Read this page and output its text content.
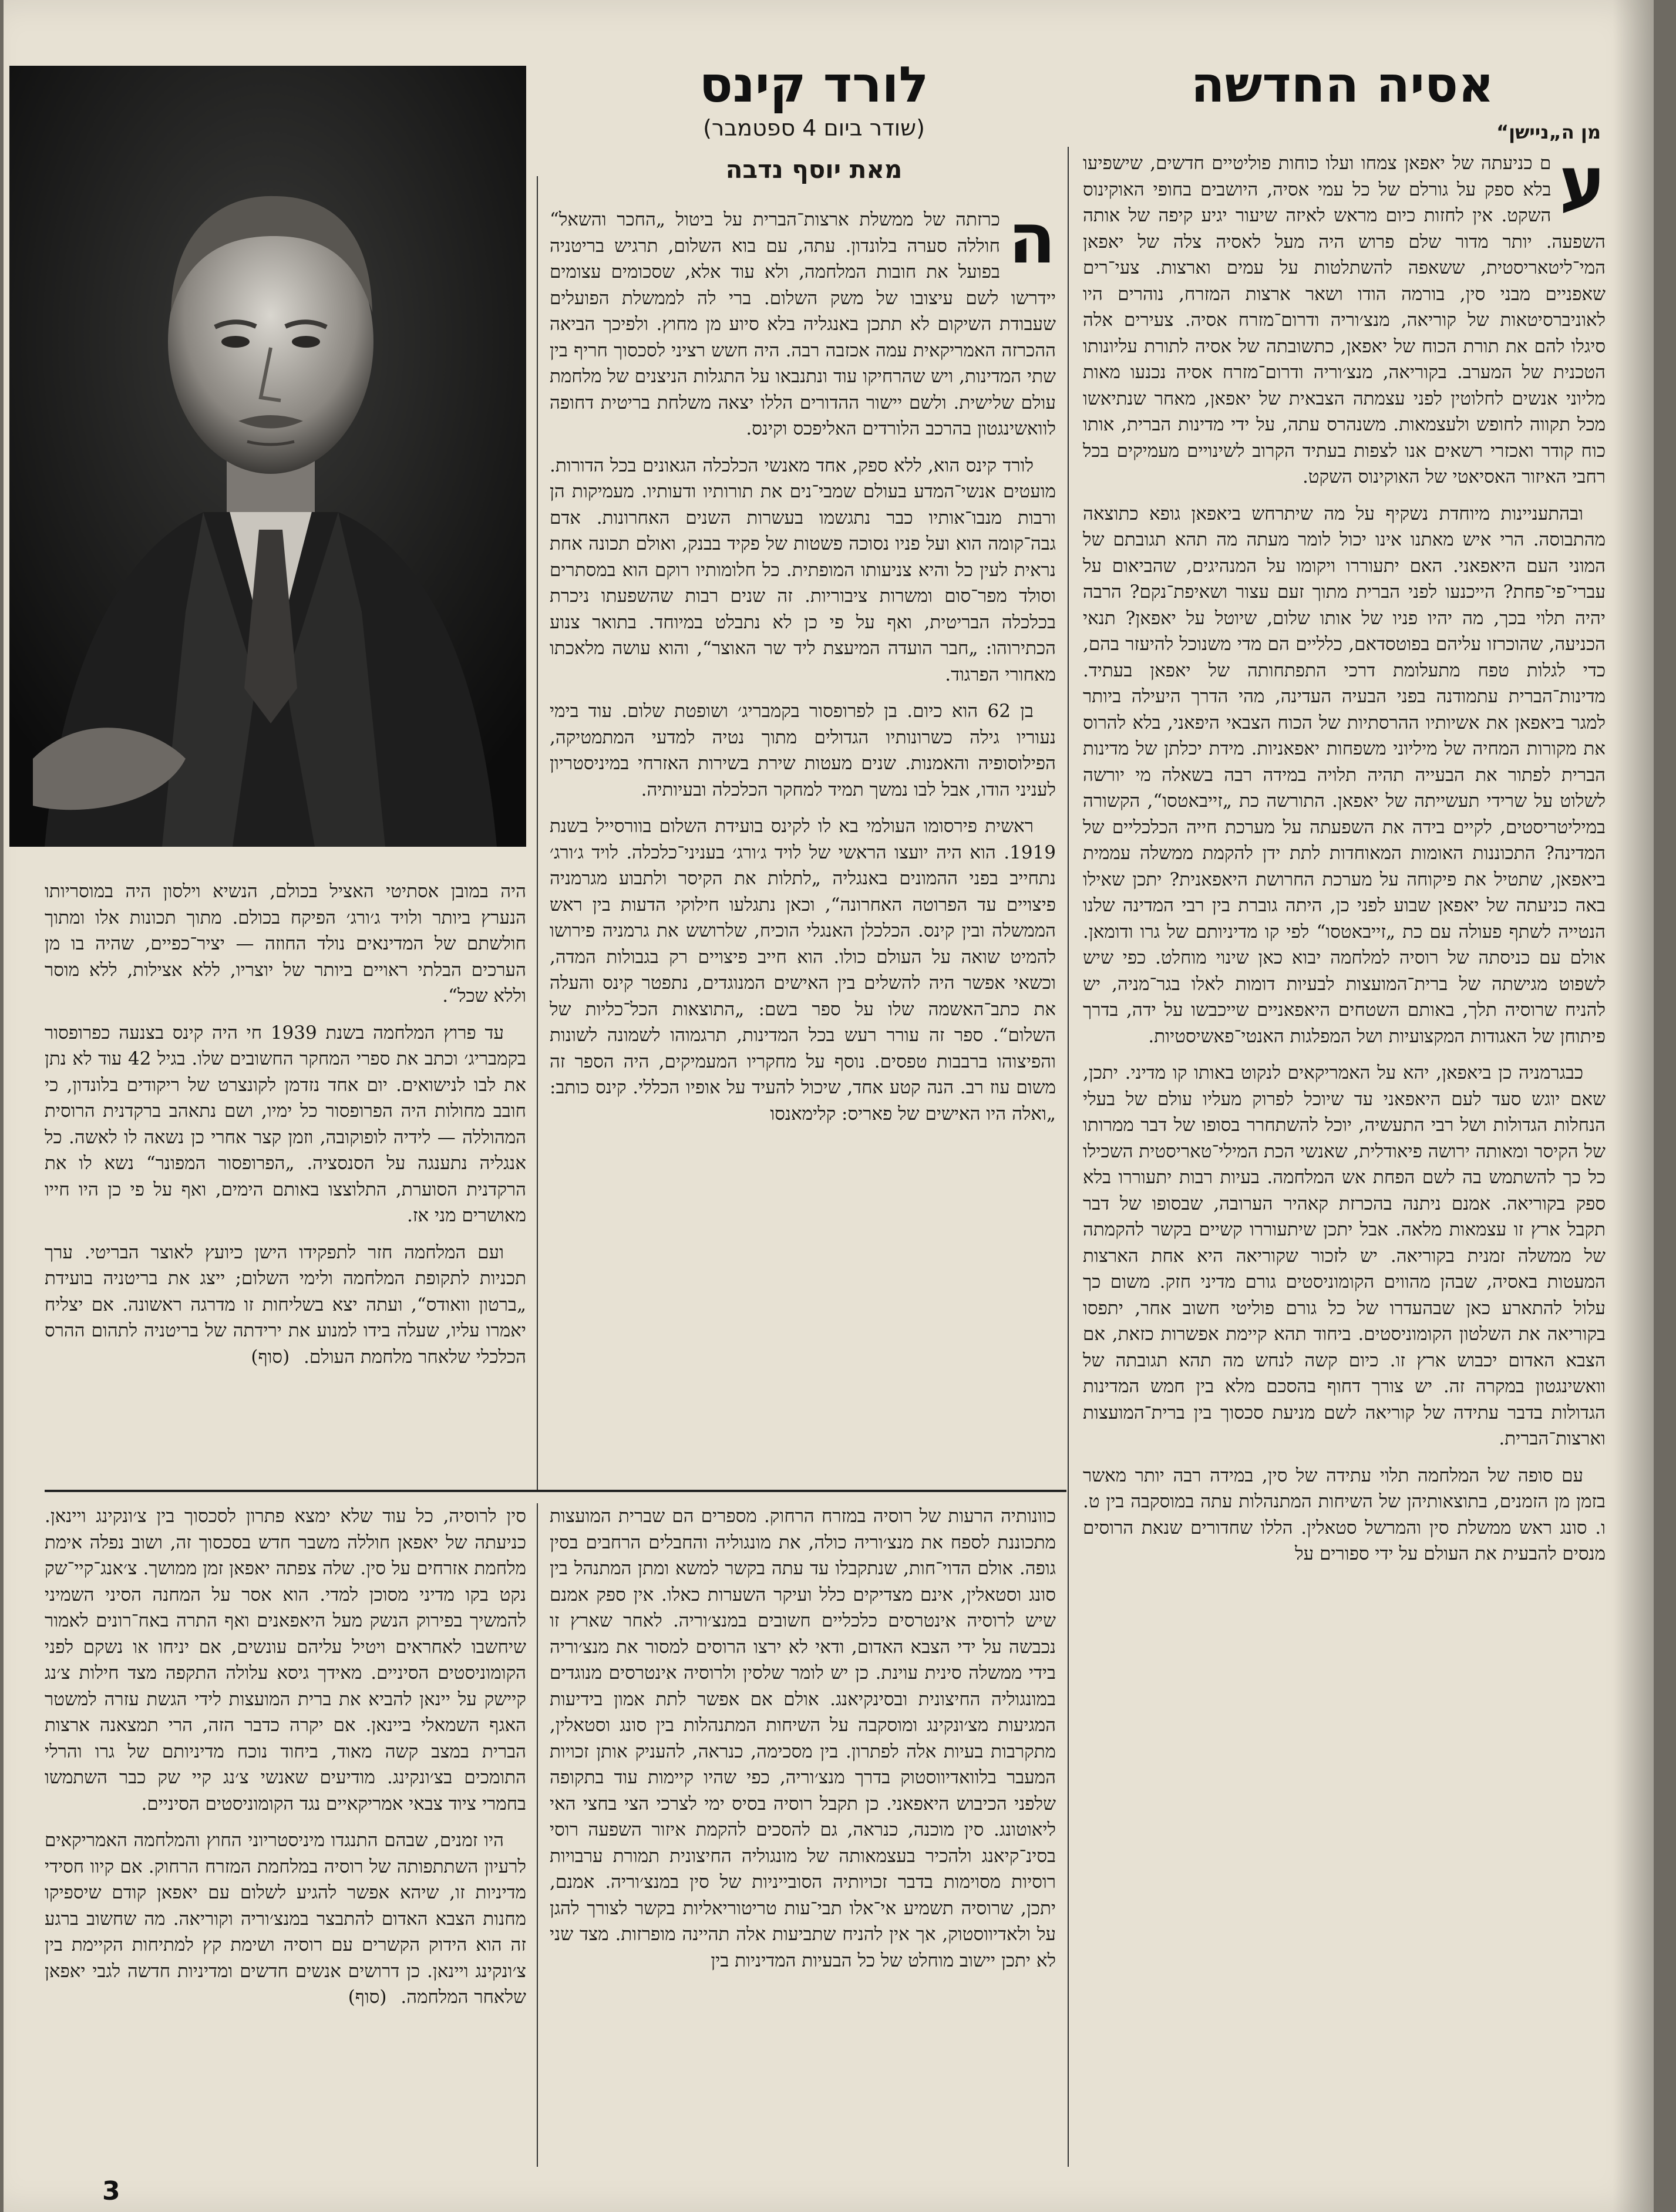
אסיה החדשה
מן ה„ניישן“
לורד קינס
(שודר ביום 4 ספטמבר)
מאת יוסף נדבה	ע
ם כניעתה של יאפאן צמחו ועלו כוחות פוליטיים חדשים, שישפיעו בלא ספק על גורלם של כל עמי אסיה, היושבים בחופי האוקינוס השקט. אין לחזות כיום מראש לאיזה שיעור יגיע קיפה של אותה השפעה. יותר מדור שלם פרוש היה מעל לאסיה צלה של יאפאן המי־ליטאריסטית, ששאפה להשתלטות על עמים וארצות. צעי־רים שאפניים מבני סין, בורמה הודו ושאר ארצות המזרח, נוהרים היו לאוניברסיטאות של קוריאה, מנצ׳וריה ודרום־מזרח אסיה. צעירים אלה סיגלו להם את תורת הכוח של יאפאן, כתשובתה של אסיה לתורת עליונותו הטכנית של המערב. בקוריאה, מנצ׳וריה ודרום־מזרח אסיה נכנעו מאות מליוני אנשים לחלוטין לפני עצמתה הצבאית של יאפאן, מאחר שנתיאשו מכל תקווה לחופש ולעצמאות. משנהרס עתה, על ידי מדינות הברית, אותו כוח קודר ואכזרי רשאים אנו לצפות בעתיד הקרוב לשינויים מעמיקים בכל רחבי האיזור האסיאטי של האוקינוס השקט.

ובהתעניינות מיוחדת נשקיף על מה שיתרחש ביאפאן גופא כתוצאה מהתבוסה. הרי איש מאתנו אינו יכול לומר מעתה מה תהא תגובתם של המוני העם היאפאני. האם יתעוררו ויקומו על המנהיגים, שהביאום על עברי־פי־פחת? הייכנעו לפני הברית מתוך זעם עצור ושאיפת־נקם? הרבה יהיה תלוי בכך, מה יהיו פניו של אותו שלום, שיוטל על יאפאן? תנאי הכניעה, שהוכרזו עליהם בפוטסדאם, כלליים הם מדי משנוכל להיעזר בהם, כדי לגלות טפח מתעלומת דרכי התפתחותה של יאפאן בעתיד. מדינות־הברית עתמודנה בפני הבעיה העדינה, מהי הדרך היעילה ביותר למגר ביאפאן את אשיותיו ההרסתיות של הכוח הצבאי היפאני, בלא להרוס את מקורות המחיה של מיליוני משפחות יאפאניות. מידת יכלתן של מדינות הברית לפתור את הבעייה תהיה תלויה במידה רבה בשאלה מי יורשה לשלוט על שרידי תעשייתה של יאפאן. התורשה כת „זייבאטסו“, הקשורה במיליטריסטים, לקיים בידה את השפעתה על מערכת חייה הכלכליים של המדינה? התכוננות האומות המאוחדות לתת ידן להקמת ממשלה עממית ביאפאן, שתטיל את פיקוחה על מערכת החרושת היאפאנית? יתכן שאילו באה כניעתה של יאפאן שבוע לפני כן, היתה גוברת בין רבי המדינה שלנו הנטייה לשתף פעולה עם כת „זייבאטסו“ לפי קו מדיניותם של גרו ודומאן. אולם עם כניסתה של רוסיה למלחמה יבוא כאן שינוי מוחלט. כפי שיש לשפוט מגישתה של ברית־המועצות לבעיות דומות לאלו בגר־מניה, יש להניח שרוסיה תלך, באותם השטחים היאפאניים שייכבשו על ידה, בדרך פיתוחן של האגודות המקצועיות ושל המפלגות האנטי־פאשיסטיות.

כבגרמניה כן ביאפאן, יהא על האמריקאים לנקוט באותו קו מדיני. יתכן, שאם יוגש סעד לעם היאפאני עד שיוכל לפרוק מעליו עולם של בעלי הנחלות הגדולות ושל רבי התעשיה, יוכל להשתחרר בסופו של דבר ממרותו של הקיסר ומאותה ירושה פיאודלית, שאנשי הכת המילי־טאריסטית השכילו כל כך להשתמש בה לשם הפחת אש המלחמה. בעיות רבות יתעוררו בלא ספק בקוריאה. אמנם ניתנה בהכרזת קאהיר הערובה, שבסופו של דבר תקבל ארץ זו עצמאות מלאה. אבל יתכן שיתעוררו קשיים בקשר להקמתה של ממשלה זמנית בקוריאה. יש לזכור שקוריאה היא אחת הארצות המעטות באסיה, שבהן מהווים הקומוניסטים גורם מדיני חזק. משום כך עלול להתארע כאן שבהעדרו של כל גורם פוליטי חשוב אחר, יתפסו בקוריאה את השלטון הקומוניסטים. ביחוד תהא קיימת אפשרות כזאת, אם הצבא האדום יכבוש ארץ זו. כיום קשה לנחש מה תהא תגובתה של וואשינגטון במקרה זה. יש צורך דחוף בהסכם מלא בין חמש המדינות הגדולות בדבר עתידה של קוריאה לשם מניעת סכסוך בין ברית־המועצות וארצות־הברית.

עם סופה של המלחמה תלוי עתידה של סין, במידה רבה יותר מאשר בזמן מן הזמנים, בתוצאותיהן של השיחות המתנהלות עתה במוסקבה בין ט. ו. סונג ראש ממשלת סין והמרשל סטאלין. הללו שחדורים שנאת הרוסים מנסים להבעית את העולם על ידי ספורים על

ה
כרזתה של ממשלת ארצות־הברית על ביטול „החכר והשאל“ חוללה סערה בלונדון. עתה, עם בוא השלום, תרגיש בריטניה בפועל את חובות המלחמה, ולא עוד אלא, שסכומים עצומים יידרשו לשם עיצובו של משק השלום. ברי לה לממשלת הפועלים שעבודת השיקום לא תתכן באנגליה בלא סיוע מן מחוץ. ולפיכך הביאה ההכרזה האמריקאית עמה אכזבה רבה. היה חשש רציני לסכסוך חריף בין שתי המדינות, ויש שהרחיקו עוד ונתנבאו על התגלות הניצנים של מלחמת עולם שלישית. ולשם יישור ההדורים הללו יצאה משלחת בריטית דחופה לוואשינגטון בהרכב הלורדים האליפכס וקינס.

לורד קינס הוא, ללא ספק, אחד מאנשי הכלכלה הגאונים בכל הדורות. מועטים אנשי־המדע בעולם שמבי־נים את תורותיו ודעותיו. מעמיקות הן ורבות מנבו־אותיו כבר נתגשמו בעשרות השנים האחרונות. אדם גבה־קומה הוא ועל פניו נסוכה פשטות של פקיד בבנק, ואולם תכונה אחת נראית לעין כל והיא צניעותו המופתית. כל חלומותיו רוקם הוא במסתרים וסולד מפר־סום ומשרות ציבוריות. זה שנים רבות שהשפעתו ניכרת בכלכלה הבריטית, ואף על פי כן לא נתבלט במיוחד. בתואר צנוע הכתירוהו: „חבר הועדה המיעצת ליד שר האוצר“, והוא עושה מלאכתו מאחורי הפרגוד.

בן 62 הוא כיום. בן לפרופסור בקמבריג׳ ושופטת שלום. עוד בימי נעוריו גילה כשרונותיו הגדולים מתוך נטיה למדעי המתמטיקה, הפילוסופיה והאמנות. שנים מעטות שירת בשירות האזרחי במיניסטריון לעניני הודו, אבל לבו נמשך תמיד למחקר הכלכלה ובעיותיה.

ראשית פירסומו העולמי בא לו לקינס בועידת השלום בוורסייל בשנת 1919. הוא היה יועצו הראשי של לויד ג׳ורג׳ בעניני־כלכלה. לויד ג׳ורג׳ נתחייב בפני ההמונים באנגליה „לתלות את הקיסר ולתבוע מגרמניה פיצויים עד הפרוטה האחרונה“, וכאן נתגלעו חילוקי הדעות בין ראש הממשלה ובין קינס. הכלכלן האנגלי הוכיח, שלרושש את גרמניה פירושו להמיט שואה על העולם כולו. הוא חייב פיצויים רק בגבולות המדה, וכשאי אפשר היה להשלים בין האישים המנוגדים, נתפטר קינס והעלה את כתב־האשמה שלו על ספר בשם: „התוצאות הכל־כליות של השלום“. ספר זה עורר רעש בכל המדינות, תרגמוהו לשמונה לשונות והפיצוהו ברבבות טפסים. נוסף על מחקריו המעמיקים, היה הספר זה משום עוז רב. הנה קטע אחד, שיכול להעיד על אופיו הכללי. קינס כותב: „ואלה היו האישים של פאריס: קלימאנסו

היה במובן אסתיטי האציל בכולם, הנשיא וילסון היה במוסריותו הנערץ ביותר ולויד ג׳ורג׳ הפיקח בכולם. מתוך תכונות אלו ומתוך חולשתם של המדינאים נולד החוזה — יציר־כפיים, שהיה בו מן הערכים הבלתי ראויים ביותר של יוצריו, ללא אצילות, ללא מוסר וללא שכל“.

עד פרוץ המלחמה בשנת 1939 חי היה קינס בצנעה כפרופסור בקמבריג׳ וכתב את ספרי המחקר החשובים שלו. בגיל 42 עוד לא נתן את לבו לנישואים. יום אחד נזדמן לקונצרט של ריקודים בלונדון, כי חובב מחולות היה הפרופסור כל ימיו, ושם נתאהב ברקדנית הרוסית המהוללה — לידיה לופוקובה, וזמן קצר אחרי כן נשאה לו לאשה. כל אנגליה נתענגה על הסנסציה. „הפרופסור המפונר“ נשא לו את הרקדנית הסוערת, התלוצצו באותם הימים, ואף על פי כן היו חייו מאושרים מני אז.

ועם המלחמה חזר לתפקידו הישן כיועץ לאוצר הבריטי. ערך תכניות לתקופת המלחמה ולימי השלום; ייצג את בריטניה בועידת „ברטון וואודס“, ועתה יצא בשליחות זו מדרגה ראשונה. אם יצליח יאמרו עליו, שעלה בידו למנוע את ירידתה של בריטניה לתהום ההרס הכלכלי שלאחר מלחמת העולם. (סוף)

כוונותיה הרעות של רוסיה במזרח הרחוק. מספרים הם שברית המועצות מתכוננת לספח את מנצ׳וריה כולה, את מונגוליה והחבלים הרחבים בסין גופה. אולם הדוי־חות, שנתקבלו עד עתה בקשר למשא ומתן המתנהל בין סונג וסטאלין, אינם מצדיקים כלל ועיקר השערות כאלו. אין ספק אמנם שיש לרוסיה אינטרסים כלכליים חשובים במנצ׳וריה. לאחר שארץ זו נכבשה על ידי הצבא האדום, ודאי לא ירצו הרוסים למסור את מנצ׳וריה בידי ממשלה סינית עוינת. כן יש לומר שלסין ולרוסיה אינטרסים מנוגדים במונגוליה החיצונית ובסינקיאנג. אולם אם אפשר לתת אמון בידיעות המגיעות מצ׳ונקינג ומוסקבה על השיחות המתנהלות בין סונג וסטאלין, מתקרבות בעיות אלה לפתרון. בין מסכימה, כנראה, להעניק אותן זכויות המעבר בלוואדיווסטוק בדרך מנצ׳וריה, כפי שהיו קיימות עוד בתקופה שלפני הכיבוש היאפאני. כן תקבל רוסיה בסיס ימי לצרכי הצי בחצי האי ליאוטונג. סין מוכנה, כנראה, גם להסכים להקמת איזור השפעה רוסי בסינ־קיאנג ולהכיר בעצמאותה של מונגוליה החיצונית תמורת ערבויות רוסיות מסוימות בדבר זכויותיה הסובייניות של סין במנצ׳וריה. אמנם, יתכן, שרוסיה תשמיע אי־אלו תבי־עות טריטוריאליות בקשר לצורך להגן על ולאדיווסטוק, אך אין להניח שתביעות אלה תהיינה מופרזות. מצד שני לא יתכן יישוב מוחלט של כל הבעיות המדיניות בין

סין לרוסיה, כל עוד שלא ימצא פתרון לסכסוך בין צ׳ונקינג ויינאן. כניעתה של יאפאן חוללה משבר חדש בסכסוך זה, ושוב נפלה אימת מלחמת אזרחים על סין. שלה צפתה יאפאן זמן ממושך. צ׳אנג־קיי־שק נקט בקו מדיני מסוכן למדי. הוא אסר על המחנה הסיני השמיני להמשיך בפירוק הנשק מעל היאפאנים ואף התרה באח־רונים לאמור שיחשבו לאחראים ויטיל עליהם עונשים, אם יניחו או נשקם לפני הקומוניסטים הסיניים. מאידך גיסא עלולה התקפה מצד חילות צ׳נג קיישק על יינאן להביא את ברית המועצות לידי הגשת עזרה למשטר האגף השמאלי ביינאן. אם יקרה כדבר הזה, הרי תמצאנה ארצות הברית במצב קשה מאוד, ביחוד נוכח מדיניותם של גרו והרלי התומכים בצ׳ונקינג. מודיעים שאנשי צ׳נג קיי שק כבר השתמשו בחמרי ציוד צבאי אמריקאיים נגד הקומוניסטים הסיניים.

היו זמנים, שבהם התנגדו מיניסטריוני החוץ והמלחמה האמריקאים לרעיון השתתפותה של רוסיה במלחמת המזרח הרחוק. אם קיוו חסידי מדיניות זו, שיהא אפשר להגיע לשלום עם יאפאן קודם שיספיקו מחנות הצבא האדום להתבצר במנצ׳וריה וקוריאה. מה שחשוב ברגע זה הוא הידוק הקשרים עם רוסיה ושימת קץ למתיחות הקיימת בין צ׳ונקינג ויינאן. כן דרושים אנשים חדשים ומדיניות חדשה לגבי יאפאן שלאחר המלחמה. (סוף)

3
